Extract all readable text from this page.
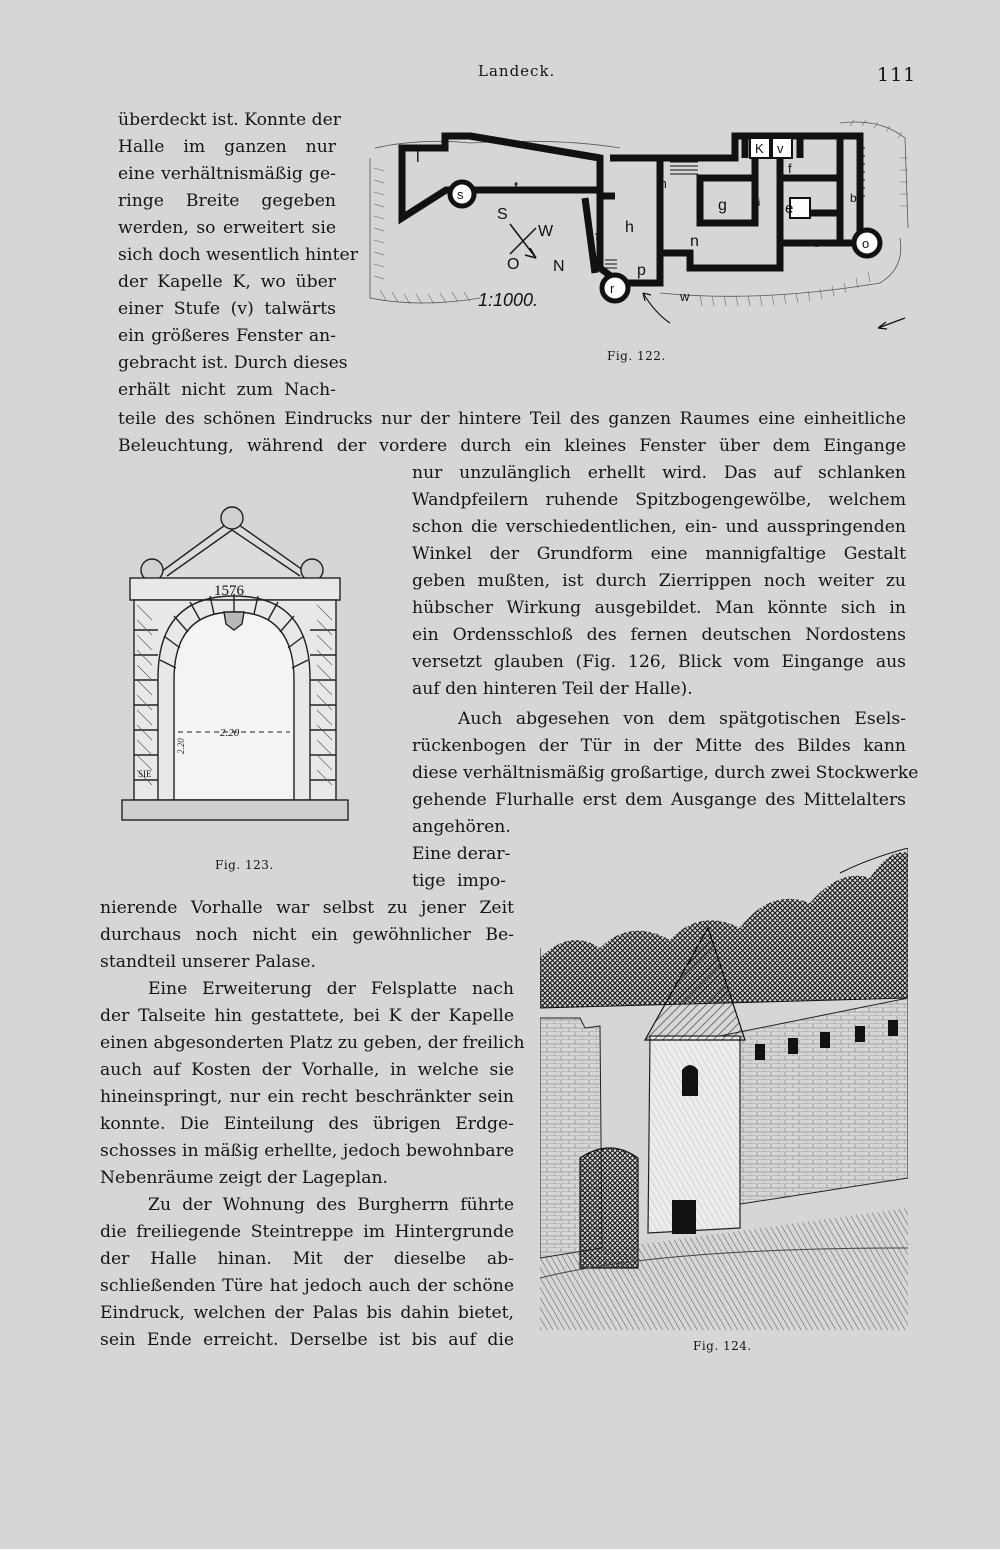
Landeck.	111

überdeckt ist. Konnte der

Halle im ganzen nur

eine verhältnismäßig ge-

ringe Breite gegeben

werden, so erweitert sie

sich doch wesentlich hinter

der Kapelle K, wo über

einer Stufe (v) talwärts

ein größeres Fenster an-

gebracht ist. Durch dieses

erhält nicht zum Nach-

teile des schönen Eindrucks nur der hintere Teil des ganzen Raumes eine einheitliche

Beleuchtung, während der vordere durch ein kleines Fenster über dem Eingange

nur unzulänglich erhellt wird. Das auf schlanken

Wandpfeilern ruhende Spitzbogengewölbe, welchem

schon die verschiedentlichen, ein- und ausspringenden

Winkel der Grundform eine mannigfaltige Gestalt

geben mußten, ist durch Zierrippen noch weiter zu

hübscher Wirkung ausgebildet. Man könnte sich in

ein Ordensschloß des fernen deutschen Nordostens

versetzt glauben (Fig. 126, Blick vom Eingange aus

auf den hinteren Teil der Halle).

Auch abgesehen von dem spätgotischen Esels-

rückenbogen der Tür in der Mitte des Bildes kann

diese verhältnismäßig großartige, durch zwei Stockwerke

gehende Flurhalle erst dem Ausgange des Mittelalters

angehören.

Eine derar-

tige impo-

nierende Vorhalle war selbst zu jener Zeit

durchaus noch nicht ein gewöhnlicher Be-

standteil unserer Palase.

Eine Erweiterung der Felsplatte nach

der Talseite hin gestattete, bei K der Kapelle

einen abgesonderten Platz zu geben, der freilich

auch auf Kosten der Vorhalle, in welche sie

hineinspringt, nur ein recht beschränkter sein

konnte. Die Einteilung des übrigen Erdge-

schosses in mäßig erhellte, jedoch bewohnbare

Nebenräume zeigt der Lageplan.

Zu der Wohnung des Burgherrn führte

die freiliegende Steintreppe im Hintergrunde

der Halle hinan. Mit der dieselbe ab-

schließenden Türe hat jedoch auch der schöne

Eindruck, welchen der Palas bis dahin bietet,

sein Ende erreicht. Derselbe ist bis auf die

l
s	t
S
W
O N
t
h
m
p
r
w
n
K v
f
e
g
c	o
b
i
1:1000.
Fig. 122.
1576
2.20
2.20
SIE
Fig. 123.
Fig. 124.
